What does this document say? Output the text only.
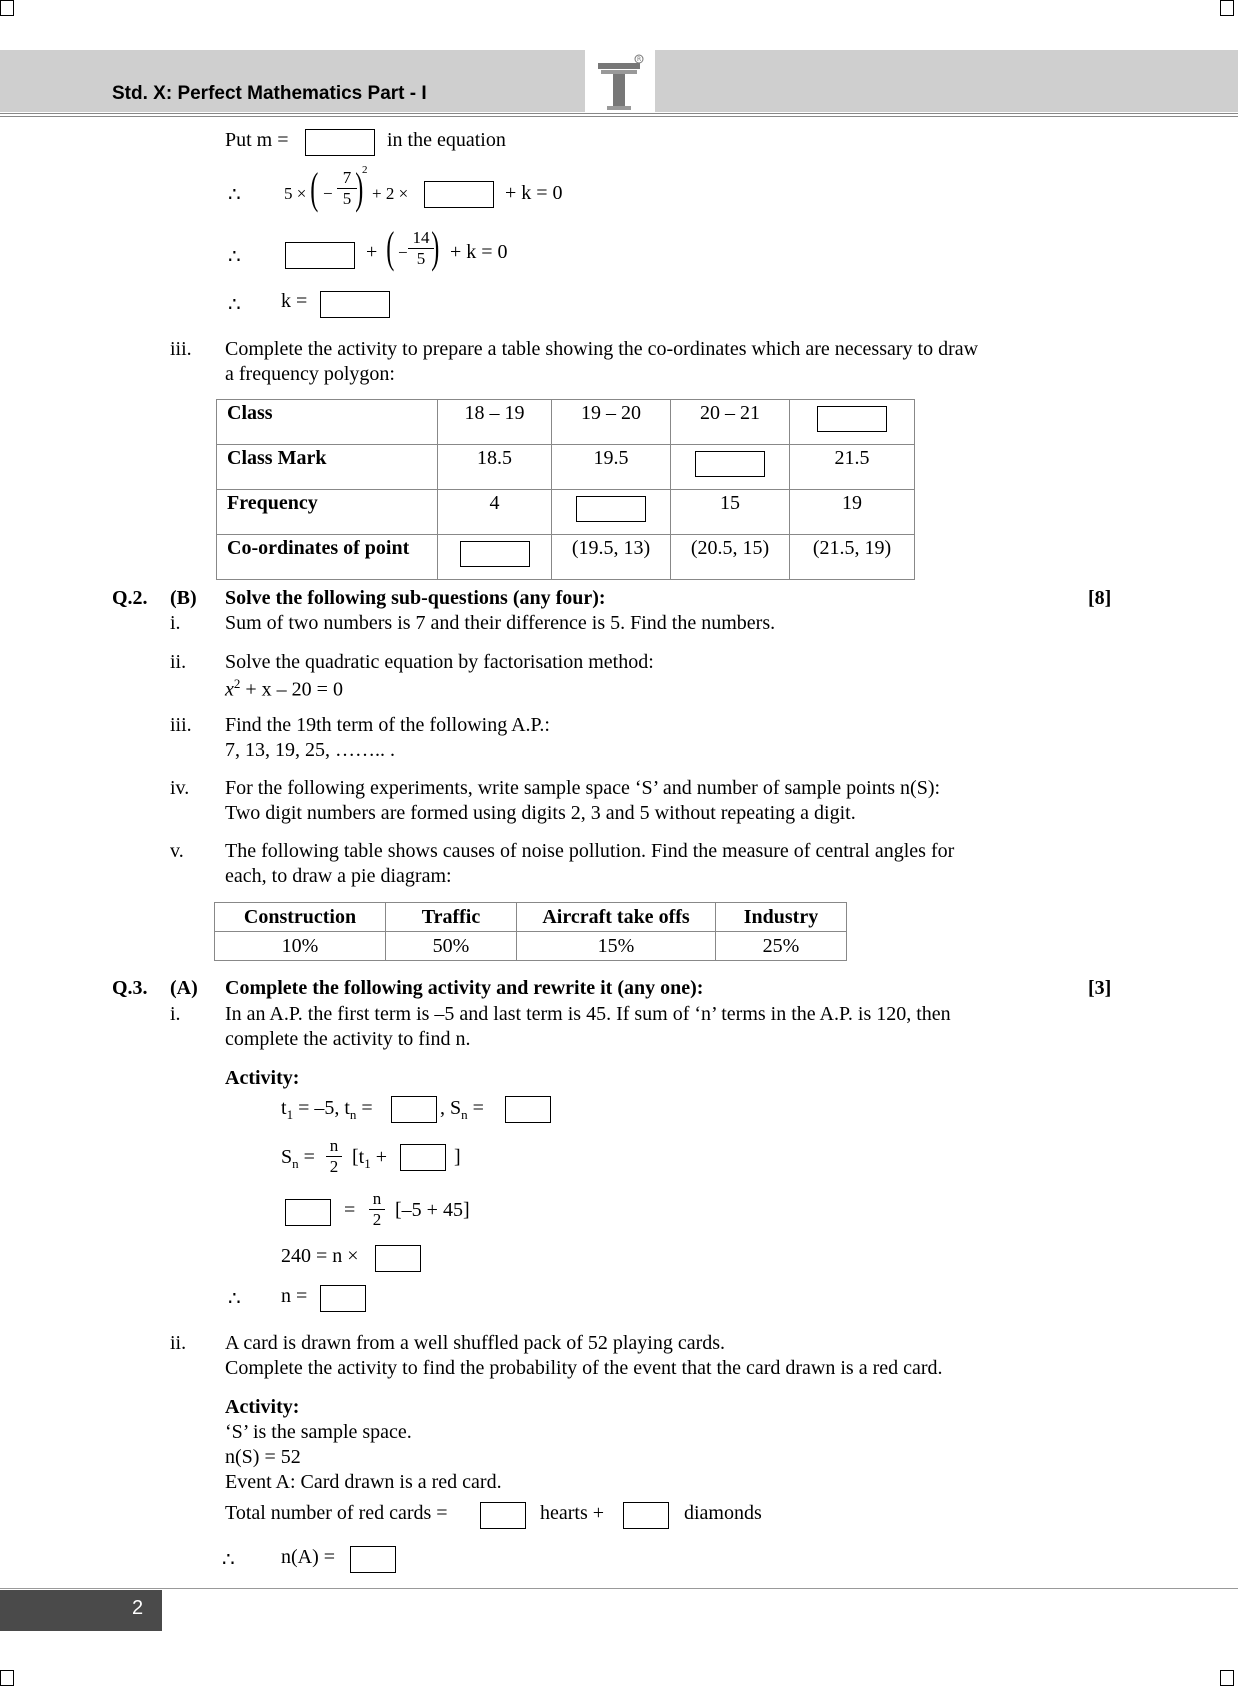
R
Std. X: Perfect Mathematics Part - I
Put m =	in the equation
∴	5 × ( − $\frac{7}{5}$
)
2
+ 2 ×	+ k = 0
∴	+ ( − $\frac{14}{5}$
) + k = 0
∴ k =
iii. Complete the activity to prepare a table showing the co-ordinates which are necessary to draw
a frequency polygon:
Class	18 – 19	19 – 20	20 – 21	
Class Mark	18.5	19.5		21.5
Frequency	4		15	19
Co-ordinates of point		(19.5, 13)	(20.5, 15)	(21.5, 19)
Q.2. (B) Solve the following sub-questions (any four):	[8]
i. Sum of two numbers is 7 and their difference is 5. Find the numbers.
ii. Solve the quadratic equation by factorisation method:
$x^2 + x - 20 = 0$
iii. Find the 19th term of the following A.P.:
7, 13, 19, 25, …….. .
iv. For the following experiments, write sample space ‘S’ and number of sample points n(S):
Two digit numbers are formed using digits 2, 3 and 5 without repeating a digit.
v. The following table shows causes of noise pollution. Find the measure of central angles for
each, to draw a pie diagram:
Construction	Traffic	Aircraft take offs	Industry
10%	50%	15%	25%
Q.3. (A) Complete the following activity and rewrite it (any one):	[3]
i. In an A.P. the first term is –5 and last term is 45. If sum of ‘n’ terms in the A.P. is 120, then
complete the activity to find n.
Activity:
$t_1 = -5$, $t_n$ =	, $S_n$ =
$S_n = \frac{n}{2} [t_1$ +	]
= $\frac{n}{2} [-5 + 45]$
240 = n ×
∴ n =
ii. A card is drawn from a well shuffled pack of 52 playing cards.
Complete the activity to find the probability of the event that the card drawn is a red card.
Activity:
‘S’ is the sample space.
n(S) = 52
Event A: Card drawn is a red card.
Total number of red cards =	hearts +	diamonds
∴ n(A) =
2
